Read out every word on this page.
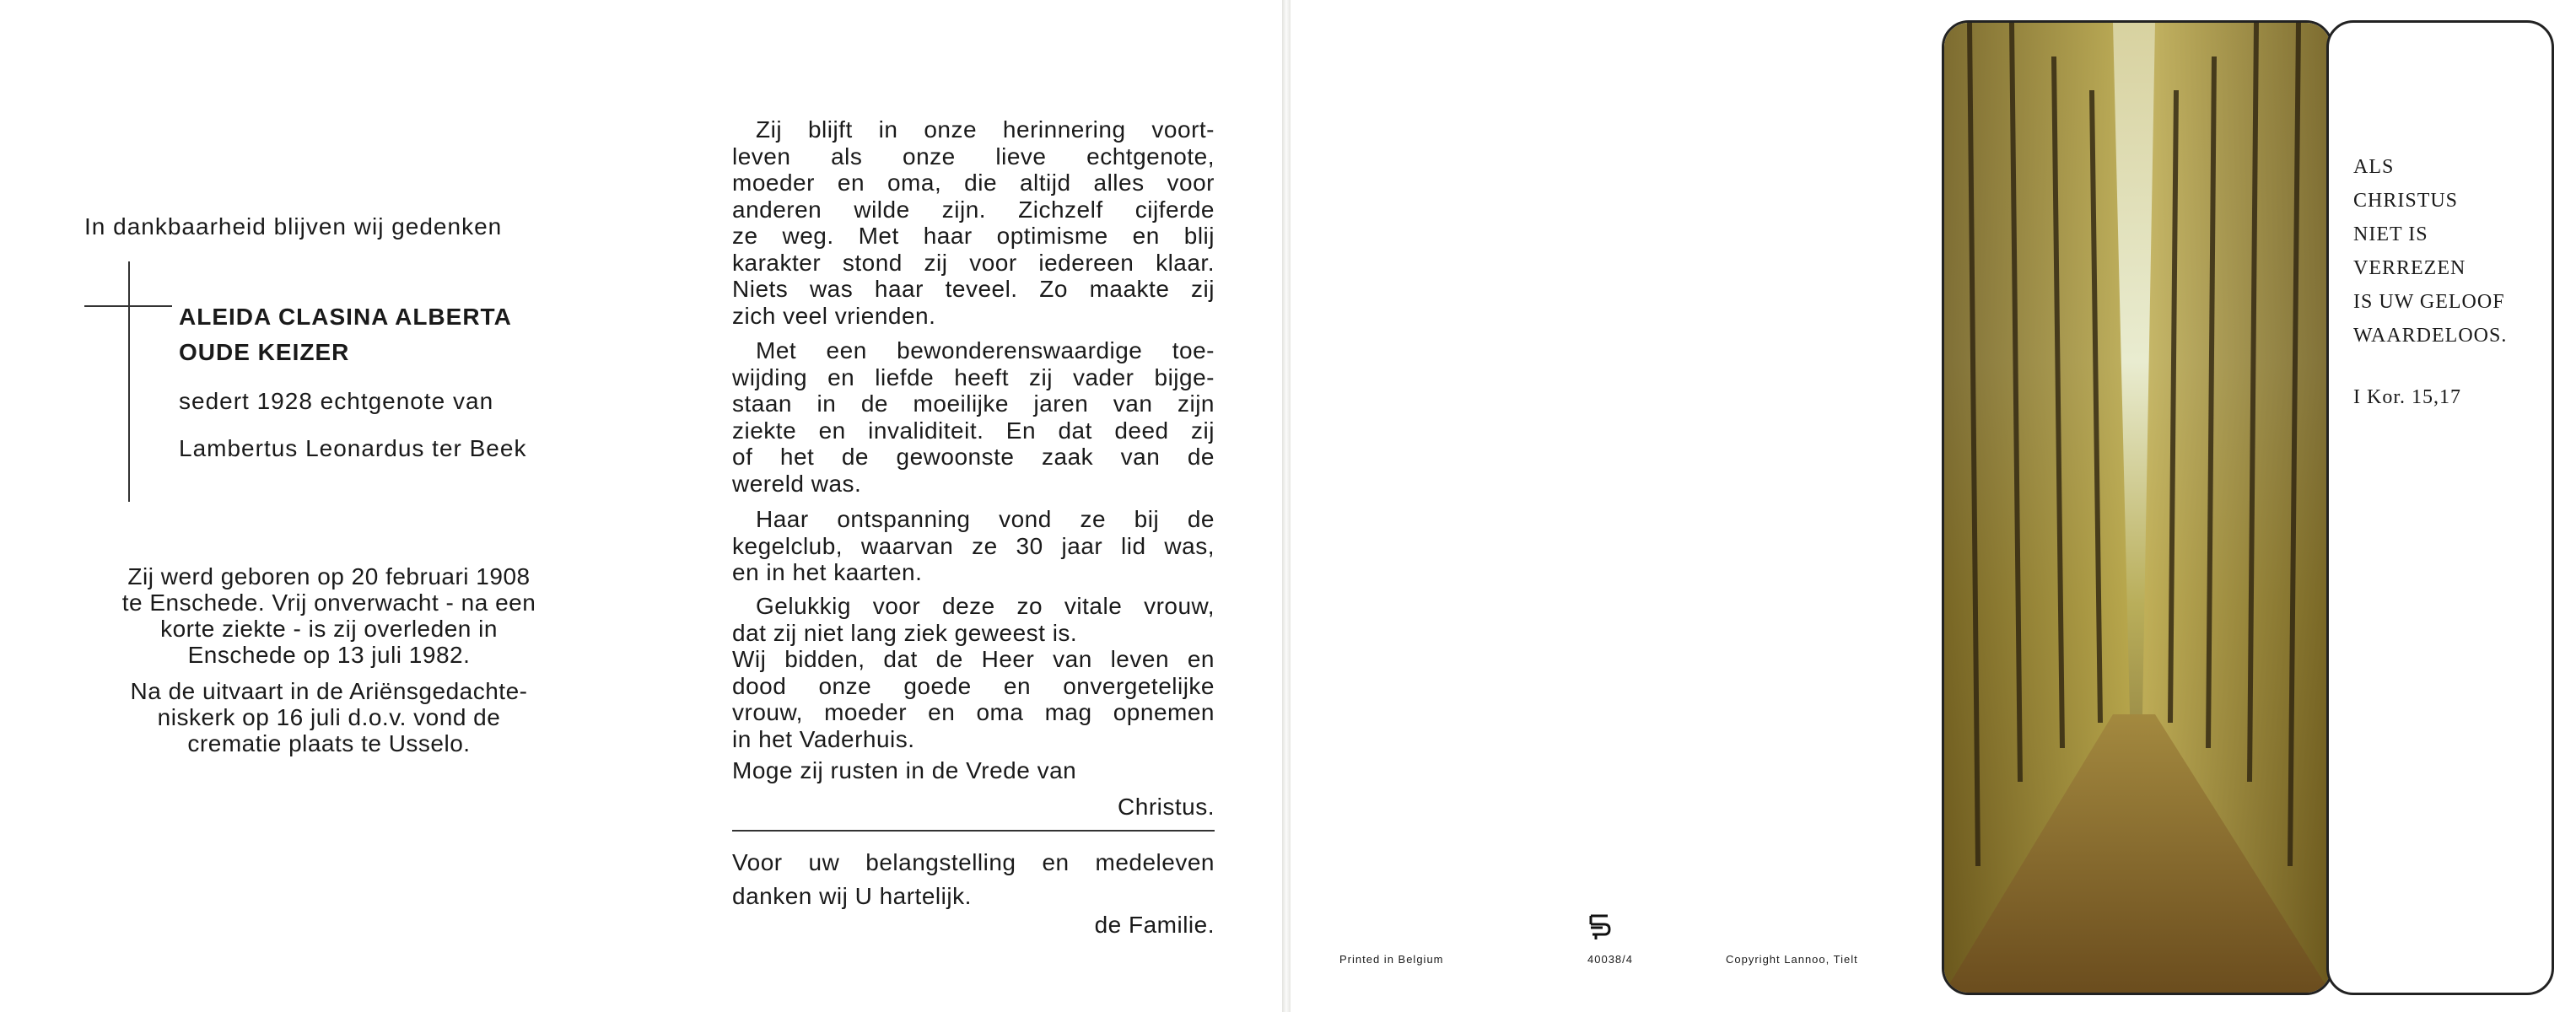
In dankbaarheid blijven wij gedenken

ALEIDA CLASINA ALBERTA
OUDE KEIZER

sedert 1928 echtgenote van

Lambertus Leonardus ter Beek

Zij werd geboren op 20 februari 1908
te Enschede. Vrij onverwacht - na een
korte ziekte - is zij overleden in
Enschede op 13 juli 1982.

Na de uitvaart in de Ariënsgedachte-
niskerk op 16 juli d.o.v. vond de
crematie plaats te Usselo.

Zij blijft in onze herinnering voort-
leven als onze lieve echtgenote,
moeder en oma, die altijd alles voor
anderen wilde zijn. Zichzelf cijferde
ze weg. Met haar optimisme en blij
karakter stond zij voor iedereen klaar.
Niets was haar teveel. Zo maakte zij
zich veel vrienden.

Met een bewonderenswaardige toe-
wijding en liefde heeft zij vader bijge-
staan in de moeilijke jaren van zijn
ziekte en invaliditeit. En dat deed zij
of het de gewoonste zaak van de
wereld was.

Haar ontspanning vond ze bij de
kegelclub, waarvan ze 30 jaar lid was,
en in het kaarten.

Gelukkig voor deze zo vitale vrouw,
dat zij niet lang ziek geweest is.
Wij bidden, dat de Heer van leven en
dood onze goede en onvergetelijke
vrouw, moeder en oma mag opnemen
in het Vaderhuis.

Moge zij rusten in de Vrede van

Christus.

Voor uw belangstelling en medeleven
danken wij U hartelijk.

de Familie.

Printed in Belgium	40038/4	Copyright Lannoo, Tielt

ALS
CHRISTUS
NIET IS
VERREZEN
IS UW GELOOF
WAARDELOOS.

I Kor. 15,17
